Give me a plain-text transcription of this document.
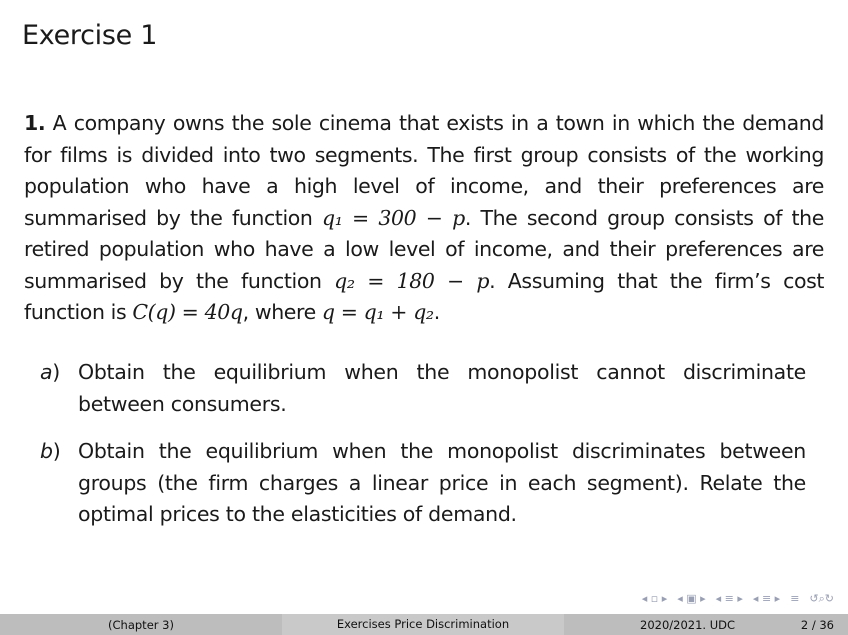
Exercise 1
1. A company owns the sole cinema that exists in a town in which the demand for films is divided into two segments. The first group consists of the working population who have a high level of income, and their preferences are summarised by the function q₁ = 300 − p. The second group consists of the retired population who have a low level of income, and their preferences are summarised by the function q₂ = 180 − p. Assuming that the firm’s cost function is C(q) = 40q, where q = q₁ + q₂.
a) Obtain the equilibrium when the monopolist cannot discriminate between consumers.
b) Obtain the equilibrium when the monopolist discriminates between groups (the firm charges a linear price in each segment). Relate the optimal prices to the elasticities of demand.
◂ ▫ ▸ ◂ ▣ ▸ ◂ ≡ ▸ ◂ ≡ ▸ ≡ ↺⌕↻
(Chapter 3)	Exercises Price Discrimination	2020/2021. UDC	2 / 36
